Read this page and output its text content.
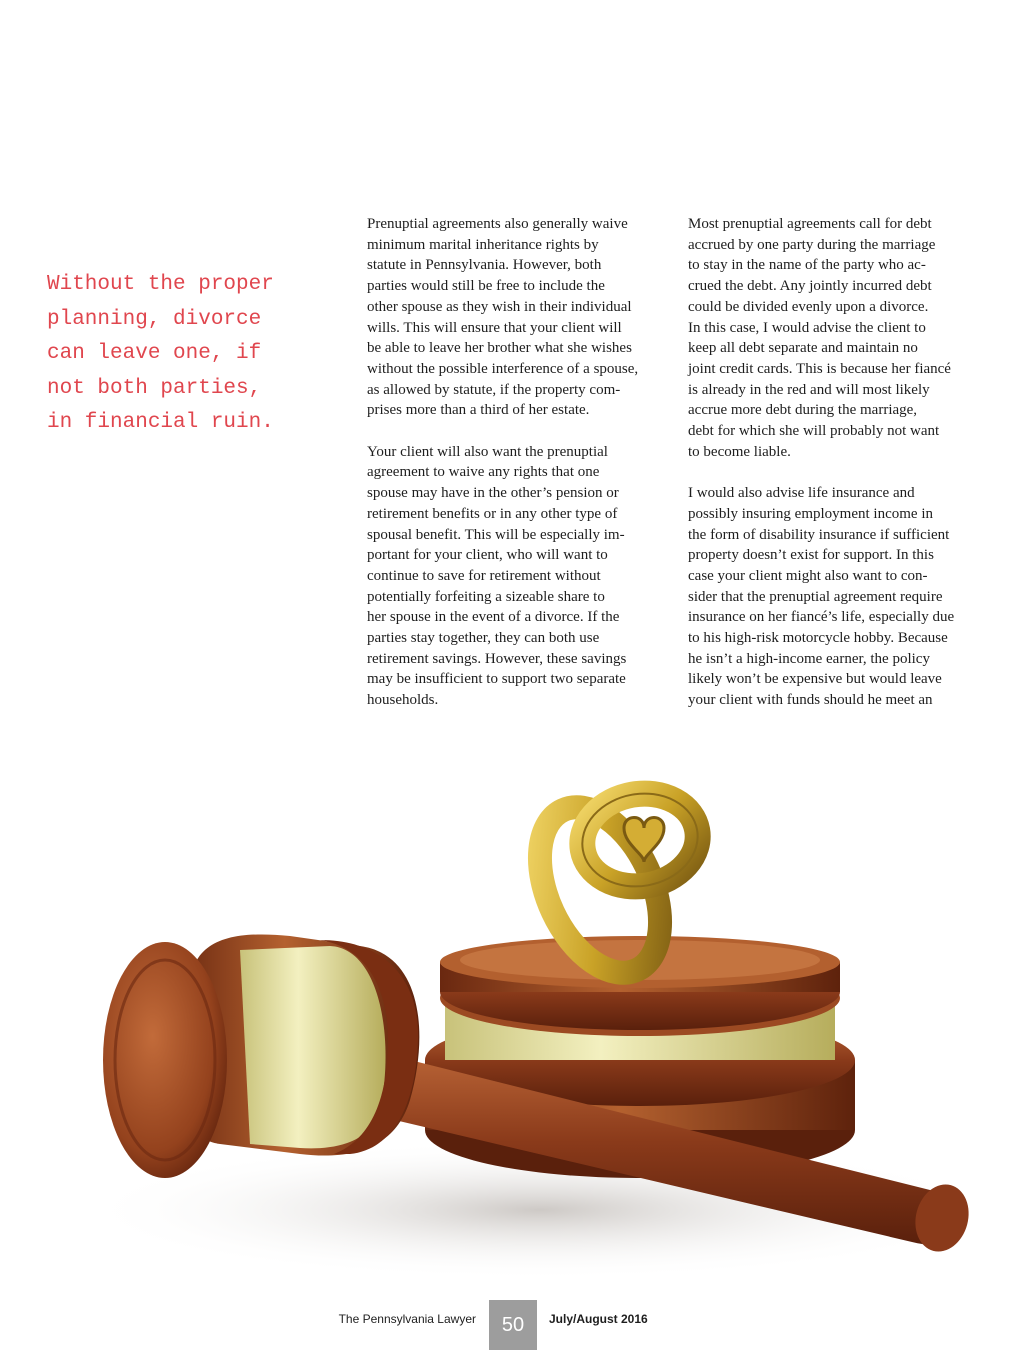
Without the proper
planning, divorce
can leave one, if
not both parties,
in financial ruin.

Prenuptial agreements also generally waive
minimum marital inheritance rights by
statute in Pennsylvania. However, both
parties would still be free to include the
other spouse as they wish in their individual
wills. This will ensure that your client will
be able to leave her brother what she wishes
without the possible interference of a spouse,
as allowed by statute, if the property com-
prises more than a third of her estate.

Your client will also want the prenuptial
agreement to waive any rights that one
spouse may have in the other’s pension or
retirement benefits or in any other type of
spousal benefit. This will be especially im-
portant for your client, who will want to
continue to save for retirement without
potentially forfeiting a sizeable share to
her spouse in the event of a divorce. If the
parties stay together, they can both use
retirement savings. However, these savings
may be insufficient to support two separate
households.

Most prenuptial agreements call for debt
accrued by one party during the marriage
to stay in the name of the party who ac-
crued the debt. Any jointly incurred debt
could be divided evenly upon a divorce.
In this case, I would advise the client to
keep all debt separate and maintain no
joint credit cards. This is because her fiancé
is already in the red and will most likely
accrue more debt during the marriage,
debt for which she will probably not want
to become liable.

I would also advise life insurance and
possibly insuring employment income in
the form of disability insurance if sufficient
property doesn’t exist for support. In this
case your client might also want to con-
sider that the prenuptial agreement require
insurance on her fiancé’s life, especially due
to his high-risk motorcycle hobby. Because
he isn’t a high-income earner, the policy
likely won’t be expensive but would leave
your client with funds should he meet an

The Pennsylvania Lawyer	50	July/August 2016
